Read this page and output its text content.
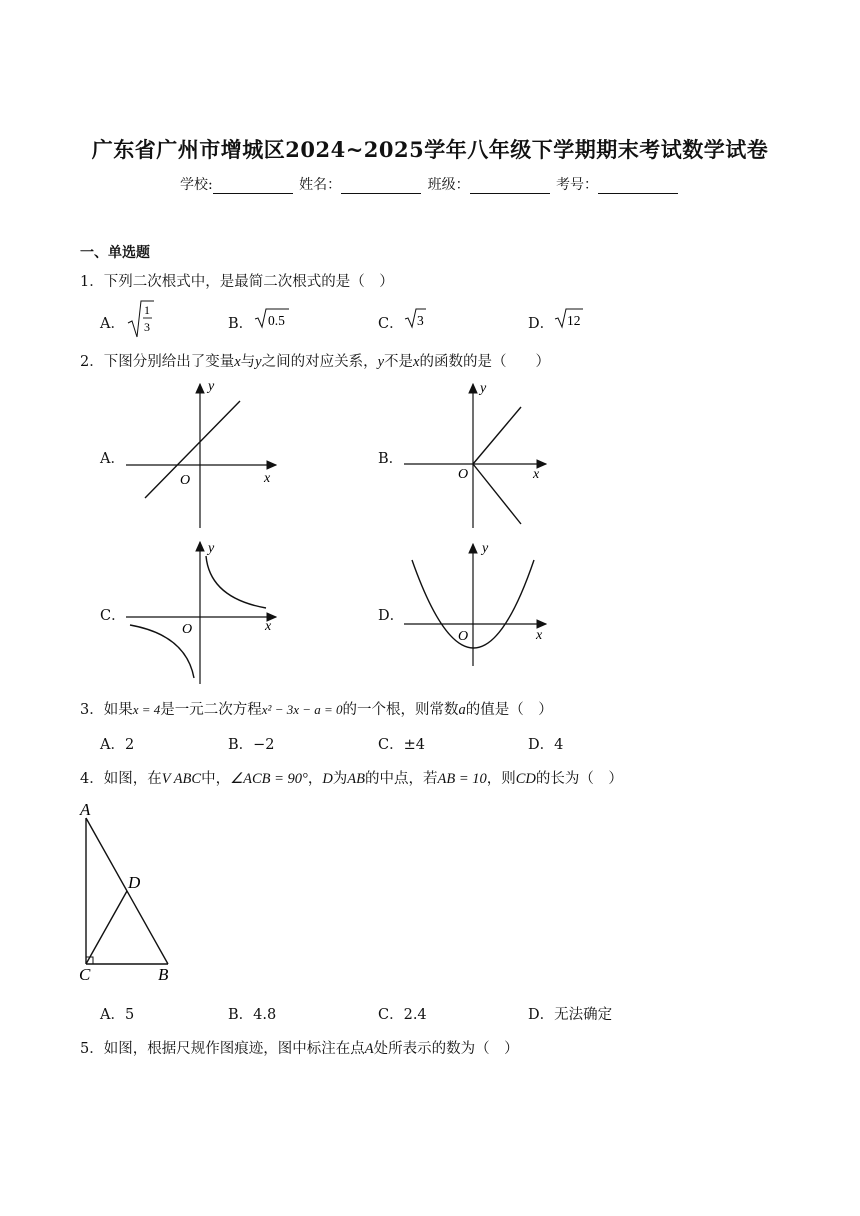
广东省广州市增城区2024~2025学年八年级下学期期末考试数学试卷
学校:	姓名：	班级：	考号：
一、单选题
1．下列二次根式中，是最简二次根式的是（　）
A．
1
3	B． 0.5	C． 3	D． 12
2．下图分别给出了变量x与y之间的对应关系，y不是x的函数的是（　　）
A．
y
x
O
B．
y
x
O
C．
y
x
O
D．
y
x
O
3．如果x = 4是一元二次方程x² − 3x − a = 0的一个根，则常数a的值是（　）
A．2	B．−2	C．±4	D．4
4．如图，在V ABC中，∠ACB = 90°，D为AB的中点，若AB = 10，则CD的长为（　）
A
D
C	B
A．5	B．4.8	C．2.4	D．无法确定
5．如图，根据尺规作图痕迹，图中标注在点A处所表示的数为（　）
